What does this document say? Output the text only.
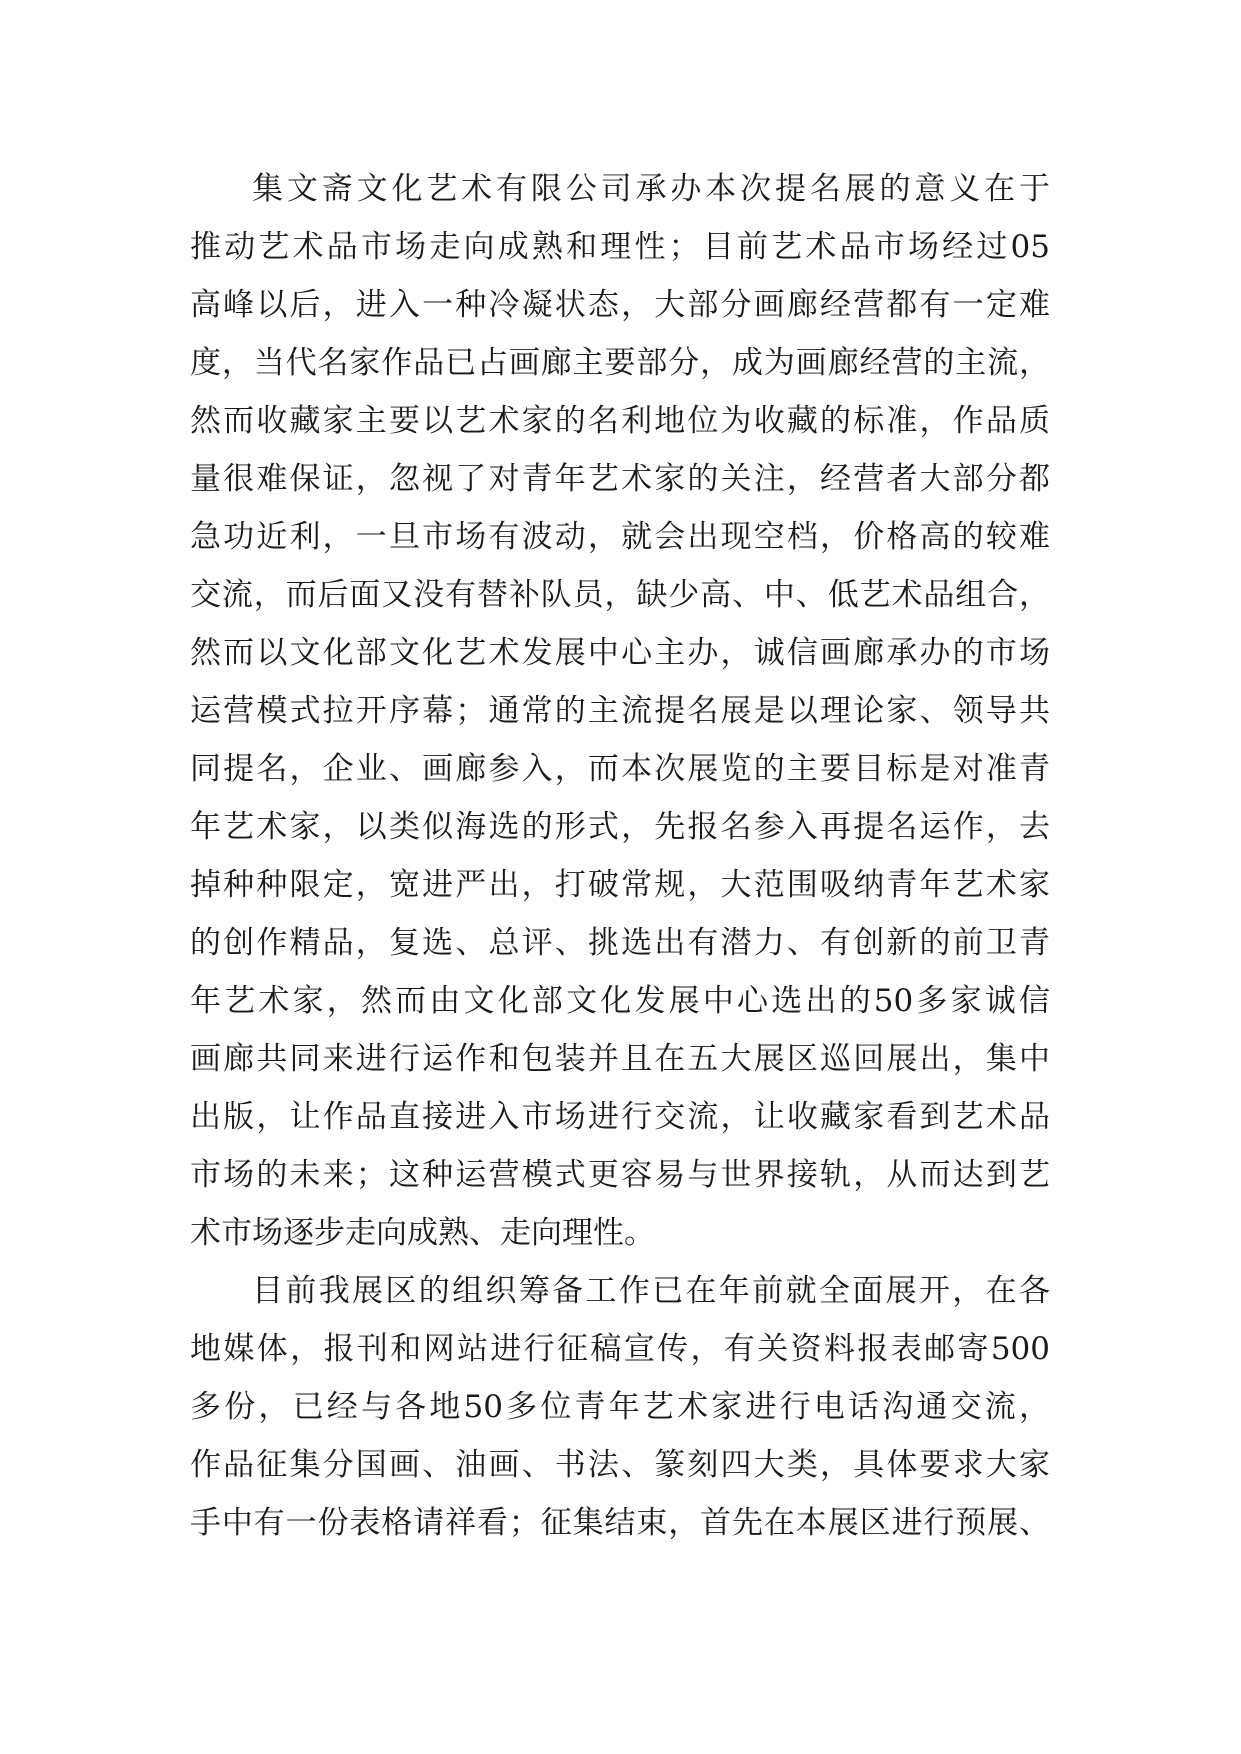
集文斋文化艺术有限公司承办本次提名展的意义在于
推动艺术品市场走向成熟和理性；目前艺术品市场经过05
高峰以后，进入一种冷凝状态，大部分画廊经营都有一定难
度，当代名家作品已占画廊主要部分，成为画廊经营的主流，
然而收藏家主要以艺术家的名利地位为收藏的标准，作品质
量很难保证，忽视了对青年艺术家的关注，经营者大部分都
急功近利，一旦市场有波动，就会出现空档，价格高的较难
交流，而后面又没有替补队员，缺少高、中、低艺术品组合，
然而以文化部文化艺术发展中心主办，诚信画廊承办的市场
运营模式拉开序幕；通常的主流提名展是以理论家、领导共
同提名，企业、画廊参入，而本次展览的主要目标是对准青
年艺术家，以类似海选的形式，先报名参入再提名运作，去
掉种种限定，宽进严出，打破常规，大范围吸纳青年艺术家
的创作精品，复选、总评、挑选出有潜力、有创新的前卫青
年艺术家，然而由文化部文化发展中心选出的50多家诚信
画廊共同来进行运作和包装并且在五大展区巡回展出，集中
出版，让作品直接进入市场进行交流，让收藏家看到艺术品
市场的未来；这种运营模式更容易与世界接轨，从而达到艺
术市场逐步走向成熟、走向理性。
目前我展区的组织筹备工作已在年前就全面展开，在各
地媒体，报刊和网站进行征稿宣传，有关资料报表邮寄500
多份，已经与各地50多位青年艺术家进行电话沟通交流，
作品征集分国画、油画、书法、篆刻四大类，具体要求大家
手中有一份表格请祥看；征集结束，首先在本展区进行预展、
